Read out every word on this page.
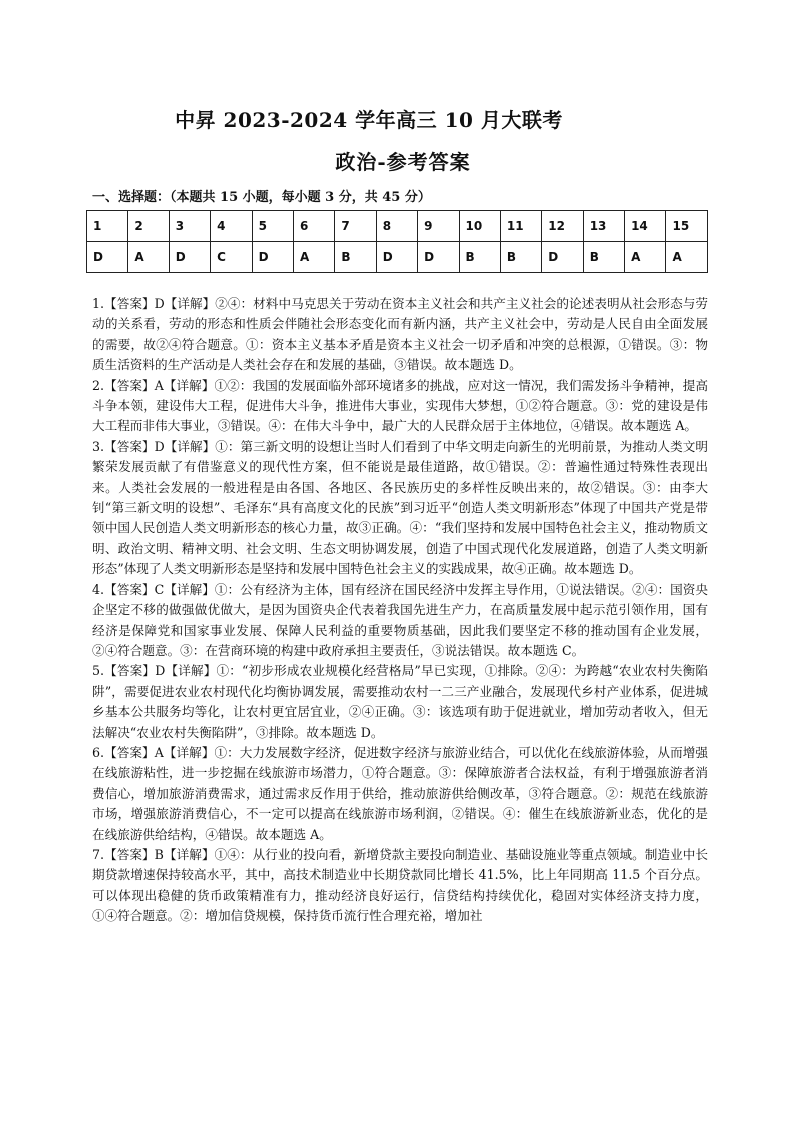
中昇 2023-2024 学年高三 10 月大联考
政治-参考答案
一、选择题：（本题共 15 小题，每小题 3 分，共 45 分）
1	2	3	4	5	6	7	8	9	10	11	12	13	14	15
D	A	D	C	D	A	B	D	D	B	B	D	B	A	A

1.【答案】D【详解】②④：材料中马克思关于劳动在资本主义社会和共产主义社会的论述表明从社会形态与劳动的关系看，劳动的形态和性质会伴随社会形态变化而有新内涵，共产主义社会中，劳动是人民自由全面发展的需要，故②④符合题意。①：资本主义基本矛盾是资本主义社会一切矛盾和冲突的总根源，①错误。③：物质生活资料的生产活动是人类社会存在和发展的基础，③错误。故本题选 D。

2.【答案】A【详解】①②：我国的发展面临外部环境诸多的挑战，应对这一情况，我们需发扬斗争精神，提高斗争本领，建设伟大工程，促进伟大斗争，推进伟大事业，实现伟大梦想，①②符合题意。③：党的建设是伟大工程而非伟大事业，③错误。④：在伟大斗争中，最广大的人民群众居于主体地位，④错误。故本题选 A。

3.【答案】D【详解】①：第三新文明的设想让当时人们看到了中华文明走向新生的光明前景，为推动人类文明繁荣发展贡献了有借鉴意义的现代性方案，但不能说是最佳道路，故①错误。②：普遍性通过特殊性表现出来。人类社会发展的一般进程是由各国、各地区、各民族历史的多样性反映出来的，故②错误。③：由李大钊“第三新文明的设想”、毛泽东“具有高度文化的民族”到习近平“创造人类文明新形态”体现了中国共产党是带领中国人民创造人类文明新形态的核心力量，故③正确。④：“我们坚持和发展中国特色社会主义，推动物质文明、政治文明、精神文明、社会文明、生态文明协调发展，创造了中国式现代化发展道路，创造了人类文明新形态”体现了人类文明新形态是坚持和发展中国特色社会主义的实践成果，故④正确。故本题选 D。

4.【答案】C【详解】①：公有经济为主体，国有经济在国民经济中发挥主导作用，①说法错误。②④：国资央企坚定不移的做强做优做大，是因为国资央企代表着我国先进生产力，在高质量发展中起示范引领作用，国有经济是保障党和国家事业发展、保障人民利益的重要物质基础，因此我们要坚定不移的推动国有企业发展，②④符合题意。③：在营商环境的构建中政府承担主要责任，③说法错误。故本题选 C。

5.【答案】D【详解】①：“初步形成农业规模化经营格局”早已实现，①排除。②④：为跨越“农业农村失衡陷阱”，需要促进农业农村现代化均衡协调发展，需要推动农村一二三产业融合，发展现代乡村产业体系，促进城乡基本公共服务均等化，让农村更宜居宜业，②④正确。③：该选项有助于促进就业，增加劳动者收入，但无法解决“农业农村失衡陷阱”，③排除。故本题选 D。

6.【答案】A【详解】①：大力发展数字经济，促进数字经济与旅游业结合，可以优化在线旅游体验，从而增强在线旅游粘性，进一步挖掘在线旅游市场潜力，①符合题意。③：保障旅游者合法权益，有利于增强旅游者消费信心，增加旅游消费需求，通过需求反作用于供给，推动旅游供给侧改革，③符合题意。②：规范在线旅游市场，增强旅游消费信心，不一定可以提高在线旅游市场利润，②错误。④：催生在线旅游新业态，优化的是在线旅游供给结构，④错误。故本题选 A。

7.【答案】B【详解】①④：从行业的投向看，新增贷款主要投向制造业、基础设施业等重点领域。制造业中长期贷款增速保持较高水平，其中，高技术制造业中长期贷款同比增长 41.5%，比上年同期高 11.5 个百分点。可以体现出稳健的货币政策精准有力，推动经济良好运行，信贷结构持续优化，稳固对实体经济支持力度，①④符合题意。②：增加信贷规模，保持货币流行性合理充裕，增加社
